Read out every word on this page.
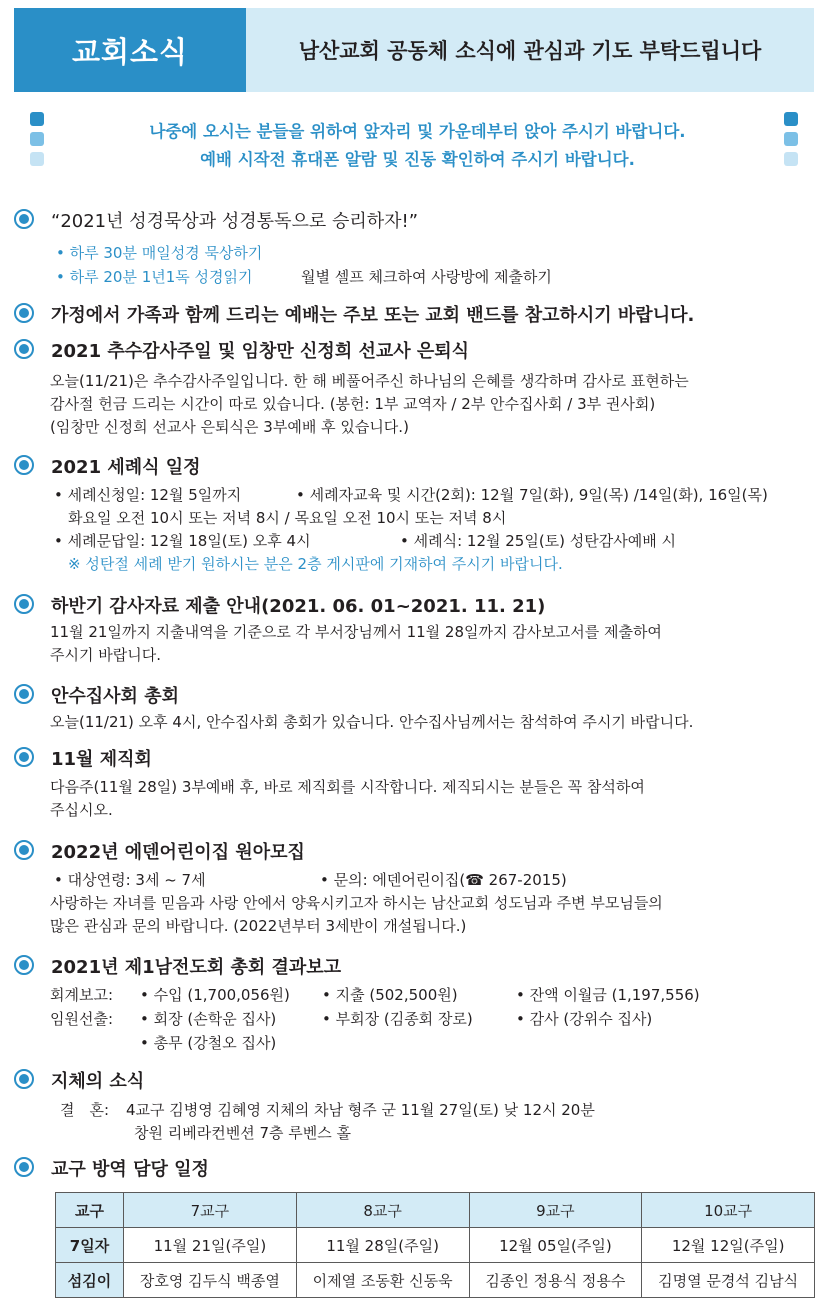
교회소식	남산교회 공동체 소식에 관심과 기도 부탁드립니다
나중에 오시는 분들을 위하여 앞자리 및 가운데부터 앉아 주시기 바랍니다.
예배 시작전 휴대폰 알람 및 진동 확인하여 주시기 바랍니다.
“2021년 성경묵상과 성경통독으로 승리하자!”
• 하루 30분 매일성경 묵상하기
• 하루 20분 1년1독 성경읽기	월별 셀프 체크하여 사랑방에 제출하기
가정에서 가족과 함께 드리는 예배는 주보 또는 교회 밴드를 참고하시기 바랍니다.
2021 추수감사주일 및 임창만 신정희 선교사 은퇴식
오늘(11/21)은 추수감사주일입니다. 한 해 베풀어주신 하나님의 은혜를 생각하며 감사로 표현하는
감사절 헌금 드리는 시간이 따로 있습니다. (봉헌: 1부 교역자 / 2부 안수집사회 / 3부 권사회)
(임창만 신정희 선교사 은퇴식은 3부예배 후 있습니다.)
2021 세례식 일정
• 세례신청일: 12월 5일까지	• 세례자교육 및 시간(2회): 12월 7일(화), 9일(목) /14일(화), 16일(목)
화요일 오전 10시 또는 저녁 8시 / 목요일 오전 10시 또는 저녁 8시
• 세례문답일: 12월 18일(토) 오후 4시	• 세례식: 12월 25일(토) 성탄감사예배 시
※ 성탄절 세례 받기 원하시는 분은 2층 게시판에 기재하여 주시기 바랍니다.
하반기 감사자료 제출 안내(2021. 06. 01~2021. 11. 21)
11월 21일까지 지출내역을 기준으로 각 부서장님께서 11월 28일까지 감사보고서를 제출하여
주시기 바랍니다.
안수집사회 총회
오늘(11/21) 오후 4시, 안수집사회 총회가 있습니다. 안수집사님께서는 참석하여 주시기 바랍니다.
11월 제직회
다음주(11월 28일) 3부예배 후, 바로 제직회를 시작합니다. 제직되시는 분들은 꼭 참석하여
주십시오.
2022년 에덴어린이집 원아모집
• 대상연령: 3세 ~ 7세	• 문의: 에덴어린이집(☎ 267-2015)
사랑하는 자녀를 믿음과 사랑 안에서 양육시키고자 하시는 남산교회 성도님과 주변 부모님들의
많은 관심과 문의 바랍니다. (2022년부터 3세반이 개설됩니다.)
2021년 제1남전도회 총회 결과보고
회계보고: • 수입 (1,700,056원) • 지출 (502,500원)	• 잔액 이월금 (1,197,556)
임원선출: • 회장 (손학운 집사)	• 부회장 (김종회 장로)	• 감사 (강위수 집사)
• 총무 (강철오 집사)
지체의 소식
결　혼: 4교구 김병영 김혜영 지체의 차남 형주 군 11월 27일(토) 낮 12시 20분
창원 리베라컨벤션 7층 루벤스 홀
교구 방역 담당 일정
교구	7교구	8교구	9교구	10교구
7일자	11월 21일(주일)	11월 28일(주일)	12월 05일(주일)	12월 12일(주일)
섬김이	장호영 김두식 백종열	이제열 조동환 신동욱	김종인 정용식 정용수	김명열 문경석 김남식
